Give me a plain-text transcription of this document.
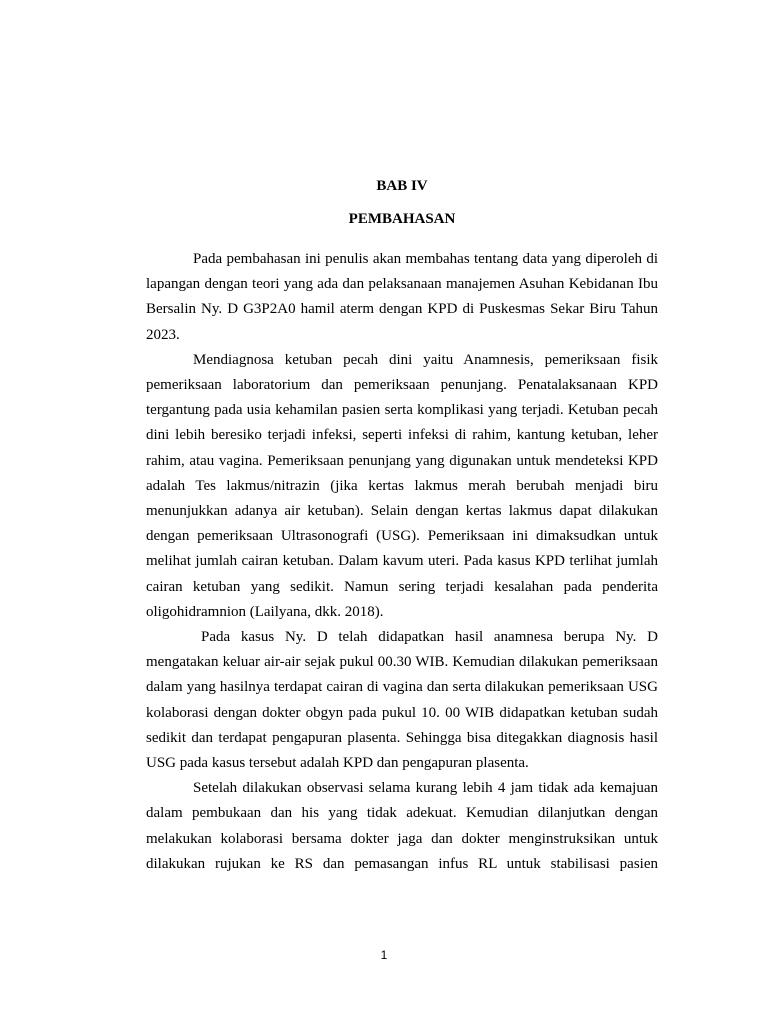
BAB IV
PEMBAHASAN

Pada pembahasan ini penulis akan membahas tentang data yang diperoleh di lapangan dengan teori yang ada dan pelaksanaan manajemen Asuhan Kebidanan Ibu Bersalin Ny. D G3P2A0 hamil aterm dengan KPD di Puskesmas Sekar Biru Tahun 2023.

Mendiagnosa ketuban pecah dini yaitu Anamnesis, pemeriksaan fisik pemeriksaan laboratorium dan pemeriksaan penunjang. Penatalaksanaan KPD tergantung pada usia kehamilan pasien serta komplikasi yang terjadi. Ketuban pecah dini lebih beresiko terjadi infeksi, seperti infeksi di rahim, kantung ketuban, leher rahim, atau vagina. Pemeriksaan penunjang yang digunakan untuk mendeteksi KPD adalah Tes lakmus/nitrazin (jika kertas lakmus merah berubah menjadi biru menunjukkan adanya air ketuban). Selain dengan kertas lakmus dapat dilakukan dengan pemeriksaan Ultrasonografi (USG). Pemeriksaan ini dimaksudkan untuk melihat jumlah cairan ketuban. Dalam kavum uteri. Pada kasus KPD terlihat jumlah cairan ketuban yang sedikit. Namun sering terjadi kesalahan pada penderita oligohidramnion (Lailyana, dkk. 2018).

Pada kasus Ny. D telah didapatkan hasil anamnesa berupa Ny. D mengatakan keluar air-air sejak pukul 00.30 WIB. Kemudian dilakukan pemeriksaan dalam yang hasilnya terdapat cairan di vagina dan serta dilakukan pemeriksaan USG kolaborasi dengan dokter obgyn pada pukul 10. 00 WIB didapatkan ketuban sudah sedikit dan terdapat pengapuran plasenta. Sehingga bisa ditegakkan diagnosis hasil USG pada kasus tersebut adalah KPD dan pengapuran plasenta.

Setelah dilakukan observasi selama kurang lebih 4 jam tidak ada kemajuan dalam pembukaan dan his yang tidak adekuat. Kemudian dilanjutkan dengan melakukan kolaborasi bersama dokter jaga dan dokter menginstruksikan untuk dilakukan rujukan ke RS dan pemasangan infus RL untuk stabilisasi pasien

1
